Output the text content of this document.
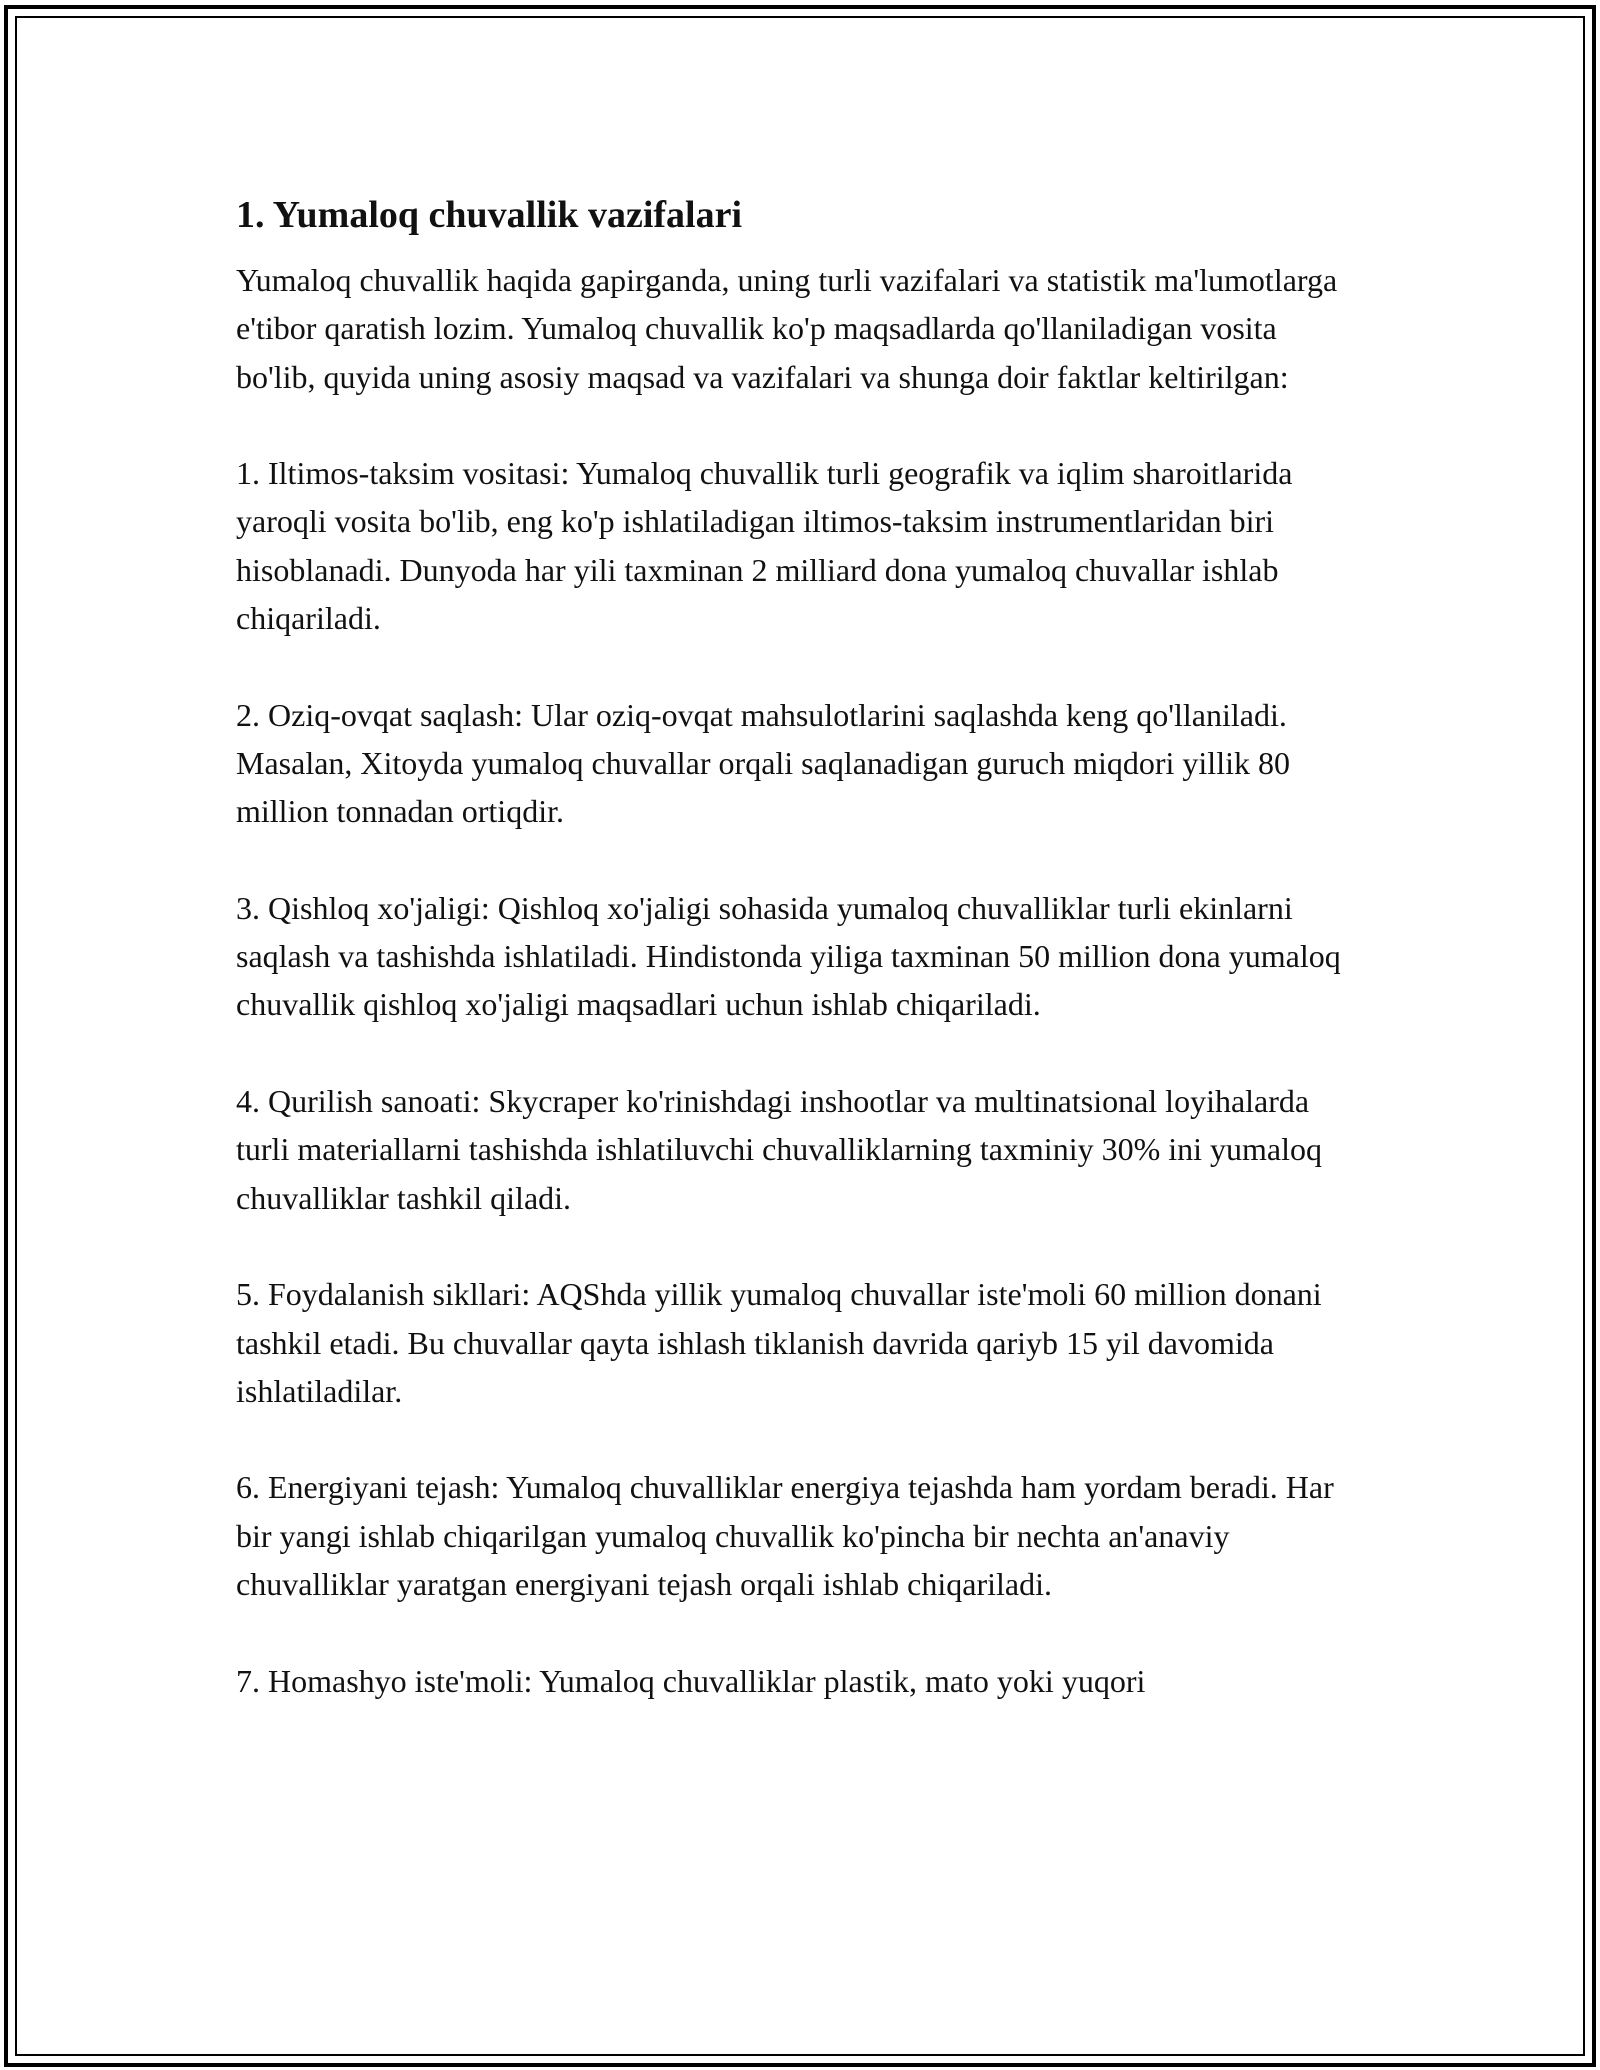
1. Yumaloq chuvallik vazifalari

Yumaloq chuvallik haqida gapirganda, uning turli vazifalari va statistik ma'lumotlarga e'tibor qaratish lozim. Yumaloq chuvallik ko'p maqsadlarda qo'llaniladigan vosita bo'lib, quyida uning asosiy maqsad va vazifalari va shunga doir faktlar keltirilgan:

1. Iltimos-taksim vositasi: Yumaloq chuvallik turli geografik va iqlim sharoitlarida yaroqli vosita bo'lib, eng ko'p ishlatiladigan iltimos-taksim instrumentlaridan biri hisoblanadi. Dunyoda har yili taxminan 2 milliard dona yumaloq chuvallar ishlab chiqariladi.

2. Oziq-ovqat saqlash: Ular oziq-ovqat mahsulotlarini saqlashda keng qo'llaniladi. Masalan, Xitoyda yumaloq chuvallar orqali saqlanadigan guruch miqdori yillik 80 million tonnadan ortiqdir.

3. Qishloq xo'jaligi: Qishloq xo'jaligi sohasida yumaloq chuvalliklar turli ekinlarni saqlash va tashishda ishlatiladi. Hindistonda yiliga taxminan 50 million dona yumaloq chuvallik qishloq xo'jaligi maqsadlari uchun ishlab chiqariladi.

4. Qurilish sanoati: Skycraper ko'rinishdagi inshootlar va multinatsional loyihalarda turli materiallarni tashishda ishlatiluvchi chuvalliklarning taxminiy 30% ini yumaloq chuvalliklar tashkil qiladi.

5. Foydalanish sikllari: AQShda yillik yumaloq chuvallar iste'moli 60 million donani tashkil etadi. Bu chuvallar qayta ishlash tiklanish davrida qariyb 15 yil davomida ishlatiladilar.

6. Energiyani tejash: Yumaloq chuvalliklar energiya tejashda ham yordam beradi. Har bir yangi ishlab chiqarilgan yumaloq chuvallik ko'pincha bir nechta an'anaviy chuvalliklar yaratgan energiyani tejash orqali ishlab chiqariladi.

7. Homashyo iste'moli: Yumaloq chuvalliklar plastik, mato yoki yuqori
